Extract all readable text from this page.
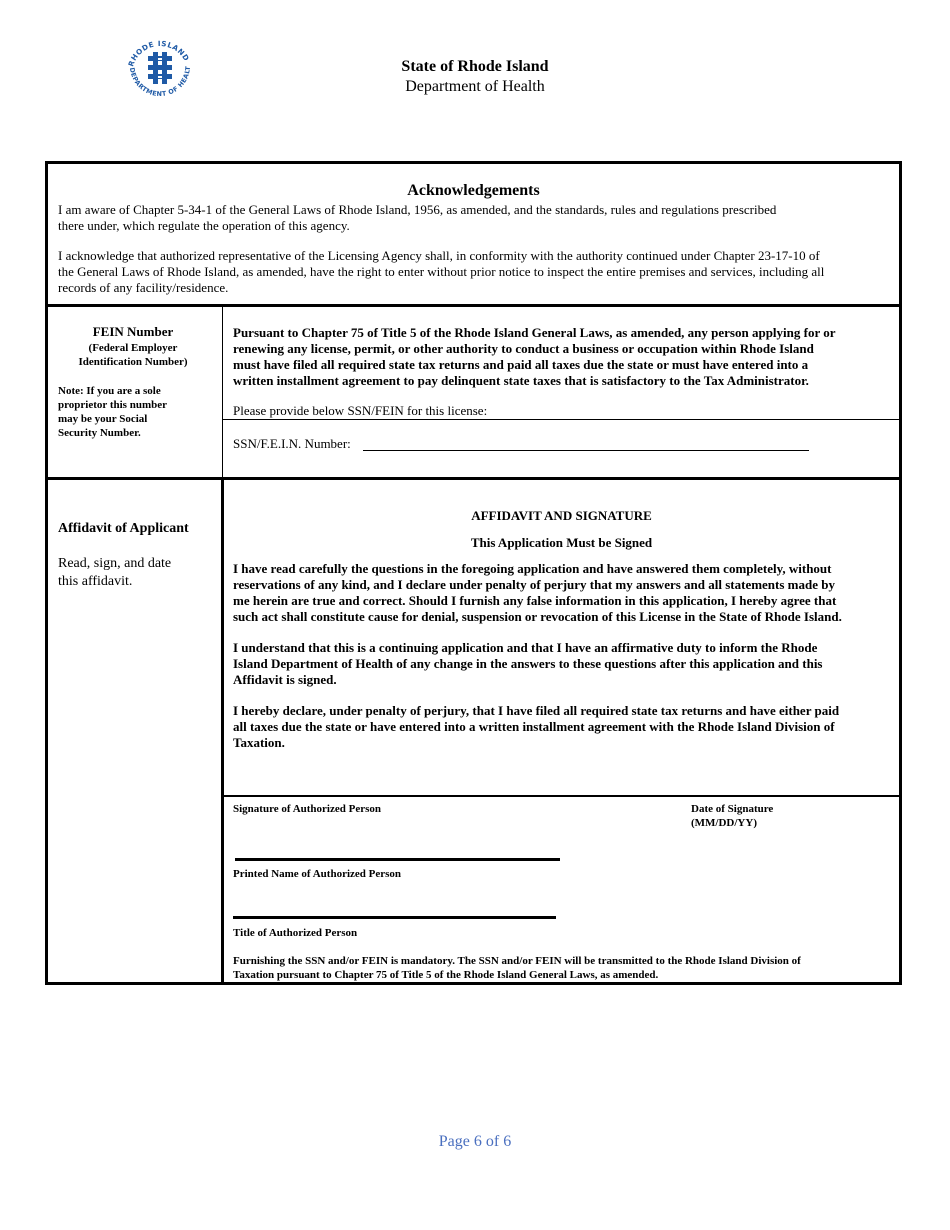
RHODE ISLAND
DEPARTMENT OF HEALT	State of Rhode Island
Department of Health
Acknowledgements
I am aware of Chapter 5-34-1 of the General Laws of Rhode Island, 1956, as amended, and the standards, rules and regulations prescribed
there under, which regulate the operation of this agency.
I acknowledge that authorized representative of the Licensing Agency shall, in conformity with the authority continued under Chapter 23-17-10 of
the General Laws of Rhode Island, as amended, have the right to enter without prior notice to inspect the entire premises and services, including all
records of any facility/residence.
FEIN Number
(Federal Employer
Identification Number)
Note: If you are a sole
proprietor this number
may be your Social
Security Number.
Pursuant to Chapter 75 of Title 5 of the Rhode Island General Laws, as amended, any person applying for or
renewing any license, permit, or other authority to conduct a business or occupation within Rhode Island
must have filed all required state tax returns and paid all taxes due the state or must have entered into a
written installment agreement to pay delinquent state taxes that is satisfactory to the Tax Administrator.
Please provide below SSN/FEIN for this license:
SSN/F.E.I.N. Number:
Affidavit of Applicant
Read, sign, and date
this affidavit.
AFFIDAVIT AND SIGNATURE
This Application Must be Signed
I have read carefully the questions in the foregoing application and have answered them completely, without
reservations of any kind, and I declare under penalty of perjury that my answers and all statements made by
me herein are true and correct. Should I furnish any false information in this application, I hereby agree that
such act shall constitute cause for denial, suspension or revocation of this License in the State of Rhode Island.
I understand that this is a continuing application and that I have an affirmative duty to inform the Rhode
Island Department of Health of any change in the answers to these questions after this application and this
Affidavit is signed.
I hereby declare, under penalty of perjury, that I have filed all required state tax returns and have either paid
all taxes due the state or have entered into a written installment agreement with the Rhode Island Division of
Taxation.
Signature of Authorized Person	Date of Signature
(MM/DD/YY)
Printed Name of Authorized Person
Title of Authorized Person
Furnishing the SSN and/or FEIN is mandatory. The SSN and/or FEIN will be transmitted to the Rhode Island Division of
Taxation pursuant to Chapter 75 of Title 5 of the Rhode Island General Laws, as amended.
Page 6 of 6
